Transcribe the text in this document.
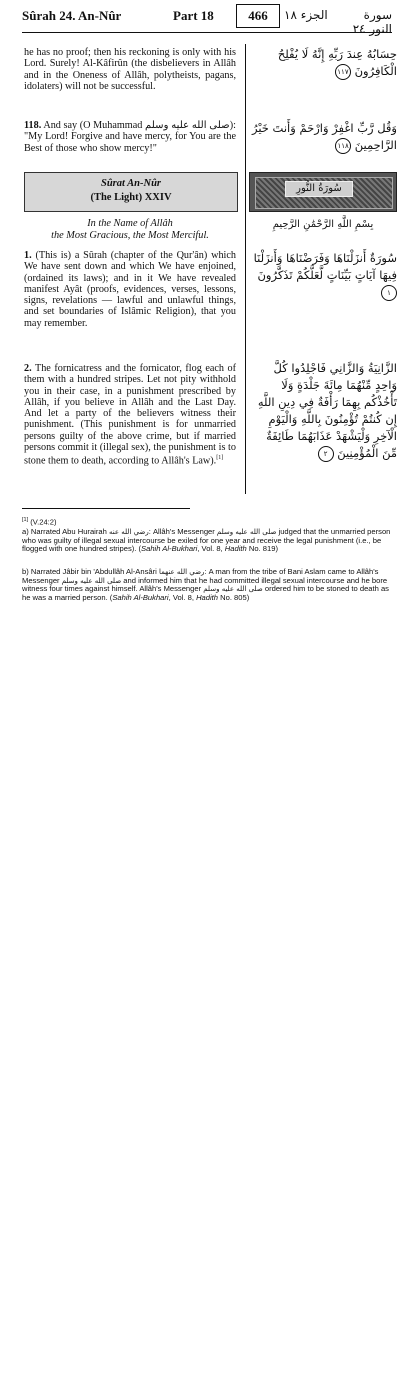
Sûrah 24. An-Nûr	Part 18	466	الجزء ١٨	سورة النور ٢٤
he has no proof; then his reckoning is only with his Lord. Surely! Al-Kâfirûn (the disbelievers in Allâh and in the Oneness of Allâh, polytheists, pagans, idolaters) will not be successful.
118. And say (O Muhammad صلى الله عليه وسلم): "My Lord! Forgive and have mercy, for You are the Best of those who show mercy!"
حِسَابُهُ عِندَ رَبِّهِ إِنَّهُ لَا يُفْلِحُ الْكَافِرُونَ ١١٧
وَقُل رَّبِّ اغْفِرْ وَارْحَمْ وَأَنتَ خَيْرُ الرَّاحِمِينَ ١١٨
Sûrat An-Nûr
(The Light) XXIV
سُورَةُ النُّورِ
In the Name of Allâh
the Most Gracious, the Most Merciful.
بِسْمِ اللَّهِ الرَّحْمَٰنِ الرَّحِيمِ
1. (This is) a Sûrah (chapter of the Qur'ân) which We have sent down and which We have enjoined, (ordained its laws); and in it We have revealed manifest Ayât (proofs, evidences, verses, lessons, signs, revelations — lawful and unlawful things, and set boundaries of Islâmic Religion), that you may remember.
سُورَةٌ أَنزَلْنَاهَا وَفَرَضْنَاهَا وَأَنزَلْنَا فِيهَا آيَاتٍ بَيِّنَاتٍ لَّعَلَّكُمْ تَذَكَّرُونَ ١
2. The fornicatress and the fornicator, flog each of them with a hundred stripes. Let not pity withhold you in their case, in a punishment prescribed by Allâh, if you believe in Allâh and the Last Day. And let a party of the believers witness their punishment. (This punishment is for unmarried persons guilty of the above crime, but if married persons commit it (illegal sex), the punishment is to stone them to death, according to Allâh's Law).[1]
الزَّانِيَةُ وَالزَّانِي فَاجْلِدُوا كُلَّ وَاحِدٍ مِّنْهُمَا مِائَةَ جَلْدَةٍ وَلَا تَأْخُذْكُم بِهِمَا رَأْفَةٌ فِي دِينِ اللَّهِ إِن كُنتُمْ تُؤْمِنُونَ بِاللَّهِ وَالْيَوْمِ الْآخِرِ وَلْيَشْهَدْ عَذَابَهُمَا طَائِفَةٌ مِّنَ الْمُؤْمِنِينَ ٢
[1] (V.24:2)
a) Narrated Abu Hurairah رضي الله عنه: Allâh's Messenger صلى الله عليه وسلم judged that the unmarried person who was guilty of illegal sexual intercourse be exiled for one year and receive the legal punishment (i.e., be flogged with one hundred stripes). (Sahih Al-Bukhari, Vol. 8, Hadith No. 819)
b) Narrated Jâbir bin 'Abdullâh Al-Ansâri رضي الله عنهما: A man from the tribe of Bani Aslam came to Allâh's Messenger صلى الله عليه وسلم and informed him that he had committed illegal sexual intercourse and he bore witness four times against himself. Allâh's Messenger صلى الله عليه وسلم ordered him to be stoned to death as he was a married person. (Sahih Al-Bukhari, Vol. 8, Hadith No. 805)
